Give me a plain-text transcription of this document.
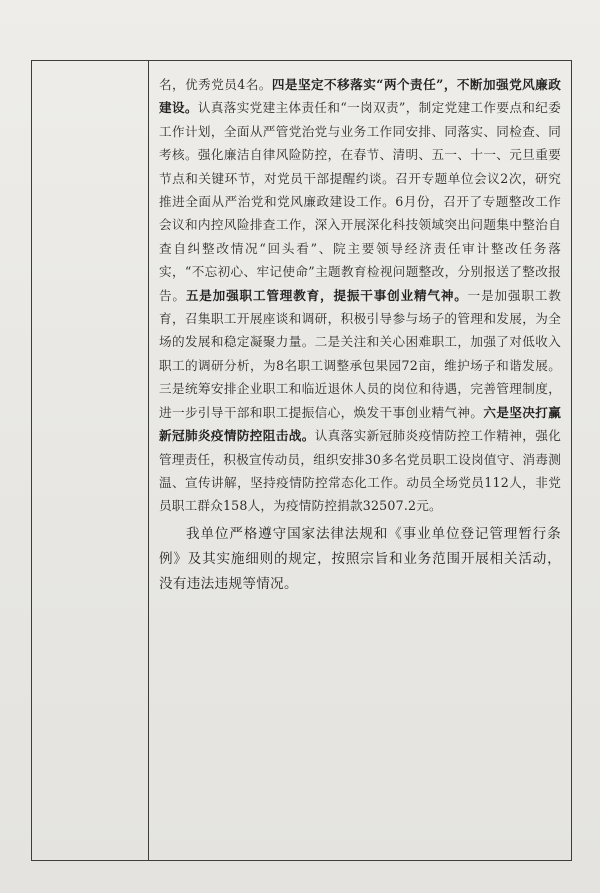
名，优秀党员4名。四是坚定不移落实“两个责任”，不断加强党风廉政建设。认真落实党建主体责任和“一岗双责”，制定党建工作要点和纪委工作计划，全面从严管党治党与业务工作同安排、同落实、同检查、同考核。强化廉洁自律风险防控，在春节、清明、五一、十一、元旦重要节点和关键环节，对党员干部提醒约谈。召开专题单位会议2次，研究推进全面从严治党和党风廉政建设工作。6月份，召开了专题整改工作会议和内控风险排查工作，深入开展深化科技领域突出问题集中整治自查自纠整改情况“回头看”、院主要领导经济责任审计整改任务落实，“不忘初心、牢记使命”主题教育检视问题整改，分别报送了整改报告。五是加强职工管理教育，提振干事创业精气神。一是加强职工教育，召集职工开展座谈和调研，积极引导参与场子的管理和发展，为全场的发展和稳定凝聚力量。二是关注和关心困难职工，加强了对低收入职工的调研分析，为8名职工调整承包果园72亩，维护场子和谐发展。三是统筹安排企业职工和临近退休人员的岗位和待遇，完善管理制度，进一步引导干部和职工提振信心，焕发干事创业精气神。六是坚决打赢新冠肺炎疫情防控阻击战。认真落实新冠肺炎疫情防控工作精神，强化管理责任，积极宣传动员，组织安排30多名党员职工设岗值守、消毒测温、宣传讲解，坚持疫情防控常态化工作。动员全场党员112人，非党员职工群众158人，为疫情防控捐款32507.2元。

我单位严格遵守国家法律法规和《事业单位登记管理暂行条例》及其实施细则的规定，按照宗旨和业务范围开展相关活动，没有违法违规等情况。
